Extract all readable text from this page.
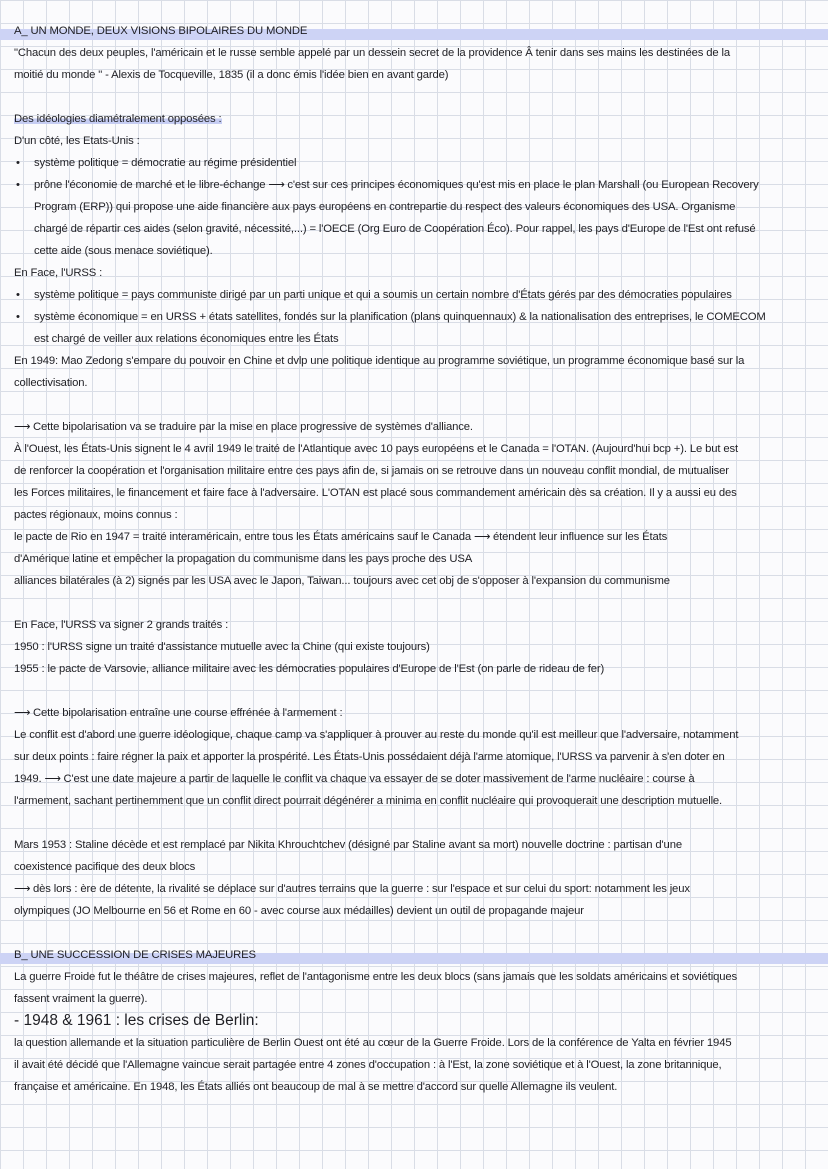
A_ UN MONDE, DEUX VISIONS BIPOLAIRES DU MONDE
"Chacun des deux peuples, l'américain et le russe semble appelé par un dessein secret de la providence Â tenir dans ses mains les destinées de la
moitié du monde " - Alexis de Tocqueville, 1835 (il a donc émis l'idée bien en avant garde)
Des idéologies diamétralement opposées :
D'un côté, les Etats-Unis :
• système politique = démocratie au régime présidentiel
• prône l'économie de marché et le libre-échange ⟶ c'est sur ces principes économiques qu'est mis en place le plan Marshall (ou European Recovery
Program (ERP)) qui propose une aide financière aux pays européens en contrepartie du respect des valeurs économiques des USA. Organisme
chargé de répartir ces aides (selon gravité, nécessité,...) = l'OECE (Org Euro de Coopération Éco). Pour rappel, les pays d'Europe de l'Est ont refusé
cette aide (sous menace soviétique).
En Face, l'URSS :
• système politique = pays communiste dirigé par un parti unique et qui a soumis un certain nombre d'États gérés par des démocraties populaires
• système économique = en URSS + états satellites, fondés sur la planification (plans quinquennaux) & la nationalisation des entreprises, le COMECOM
est chargé de veiller aux relations économiques entre les États
En 1949: Mao Zedong s'empare du pouvoir en Chine et dvlp une politique identique au programme soviétique, un programme économique basé sur la
collectivisation.
⟶ Cette bipolarisation va se traduire par la mise en place progressive de systèmes d'alliance.
À l'Ouest, les États-Unis signent le 4 avril 1949 le traité de l'Atlantique avec 10 pays européens et le Canada = l'OTAN. (Aujourd'hui bcp +). Le but est
de renforcer la coopération et l'organisation militaire entre ces pays afin de, si jamais on se retrouve dans un nouveau conflit mondial, de mutualiser
les Forces militaires, le financement et faire face à l'adversaire. L'OTAN est placé sous commandement américain dès sa création. Il y a aussi eu des
pactes régionaux, moins connus :
le pacte de Rio en 1947 = traité interaméricain, entre tous les États américains sauf le Canada ⟶ étendent leur influence sur les États
d'Amérique latine et empêcher la propagation du communisme dans les pays proche des USA
alliances bilatérales (à 2) signés par les USA avec le Japon, Taiwan... toujours avec cet obj de s'opposer à l'expansion du communisme
En Face, l'URSS va signer 2 grands traités :
1950 : l'URSS signe un traité d'assistance mutuelle avec la Chine (qui existe toujours)
1955 : le pacte de Varsovie, alliance militaire avec les démocraties populaires d'Europe de l'Est (on parle de rideau de fer)
⟶ Cette bipolarisation entraîne une course effrénée à l'armement :
Le conflit est d'abord une guerre idéologique, chaque camp va s'appliquer à prouver au reste du monde qu'il est meilleur que l'adversaire, notamment
sur deux points : faire régner la paix et apporter la prospérité. Les États-Unis possédaient déjà l'arme atomique, l'URSS va parvenir à s'en doter en
1949. ⟶ C'est une date majeure a partir de laquelle le conflit va chaque va essayer de se doter massivement de l'arme nucléaire : course à
l'armement, sachant pertinemment que un conflit direct pourrait dégénérer a minima en conflit nucléaire qui provoquerait une description mutuelle.
Mars 1953 : Staline décède et est remplacé par Nikita Khrouchtchev (désigné par Staline avant sa mort) nouvelle doctrine : partisan d'une
coexistence pacifique des deux blocs
⟶ dès lors : ère de détente, la rivalité se déplace sur d'autres terrains que la guerre : sur l'espace et sur celui du sport: notamment les jeux
olympiques (JO Melbourne en 56 et Rome en 60 - avec course aux médailles) devient un outil de propagande majeur
B_ UNE SUCCESSION DE CRISES MAJEURES
La guerre Froide fut le théâtre de crises majeures, reflet de l'antagonisme entre les deux blocs (sans jamais que les soldats américains et soviétiques
fassent vraiment la guerre).
- 1948 & 1961 : les crises de Berlin:
la question allemande et la situation particulière de Berlin Ouest ont été au cœur de la Guerre Froide. Lors de la conférence de Yalta en février 1945
il avait été décidé que l'Allemagne vaincue serait partagée entre 4 zones d'occupation : à l'Est, la zone soviétique et à l'Ouest, la zone britannique,
française et américaine. En 1948, les États alliés ont beaucoup de mal à se mettre d'accord sur quelle Allemagne ils veulent.
